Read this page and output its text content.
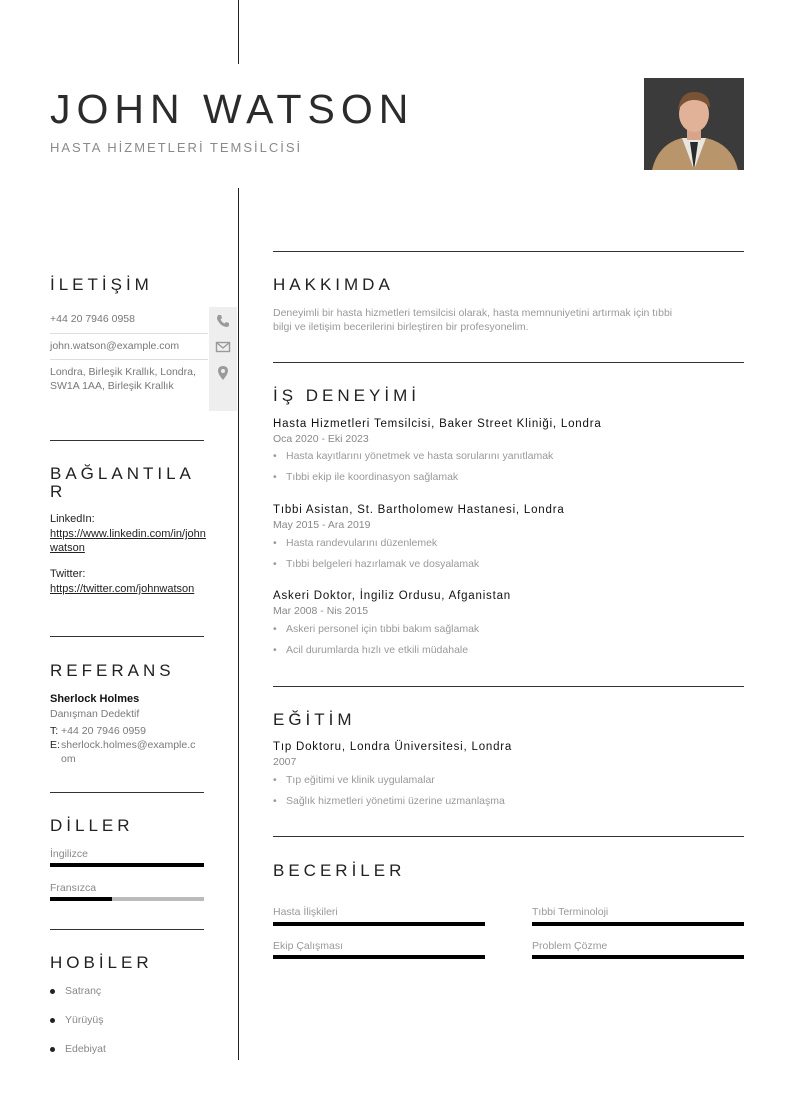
JOHN WATSON
HASTA HİZMETLERİ TEMSİLCİSİ
İLETİŞİM
+44 20 7946 0958
john.watson@example.com
Londra, Birleşik Krallık, Londra, SW1A 1AA, Birleşik Krallık
BAĞLANTILA R
LinkedIn:
https://www.linkedin.com/in/johnwatson
Twitter:
https://twitter.com/johnwatson
REFERANS
Sherlock Holmes
Danışman Dedektif
T: +44 20 7946 0959
E: sherlock.holmes@example.com
DİLLER
İngilizce
Fransızca
HOBİLER
Satranç
Yürüyüş
Edebiyat
HAKKIMDA
Deneyimli bir hasta hizmetleri temsilcisi olarak, hasta memnuniyetini artırmak için tıbbi
bilgi ve iletişim becerilerini birleştiren bir profesyonelim.
İŞ DENEYİMİ
Hasta Hizmetleri Temsilcisi, Baker Street Kliniği, Londra
Oca 2020 - Eki 2023
• Hasta kayıtlarını yönetmek ve hasta sorularını yanıtlamak
• Tıbbi ekip ile koordinasyon sağlamak
Tıbbi Asistan, St. Bartholomew Hastanesi, Londra
May 2015 - Ara 2019
• Hasta randevularını düzenlemek
• Tıbbi belgeleri hazırlamak ve dosyalamak
Askeri Doktor, İngiliz Ordusu, Afganistan
Mar 2008 - Nis 2015
• Askeri personel için tıbbi bakım sağlamak
• Acil durumlarda hızlı ve etkili müdahale
EĞİTİM
Tıp Doktoru, Londra Üniversitesi, Londra
2007
• Tıp eğitimi ve klinik uygulamalar
• Sağlık hizmetleri yönetimi üzerine uzmanlaşma
BECERİLER
Hasta İlişkileri	Tıbbi Terminoloji
Ekip Çalışması	Problem Çözme
